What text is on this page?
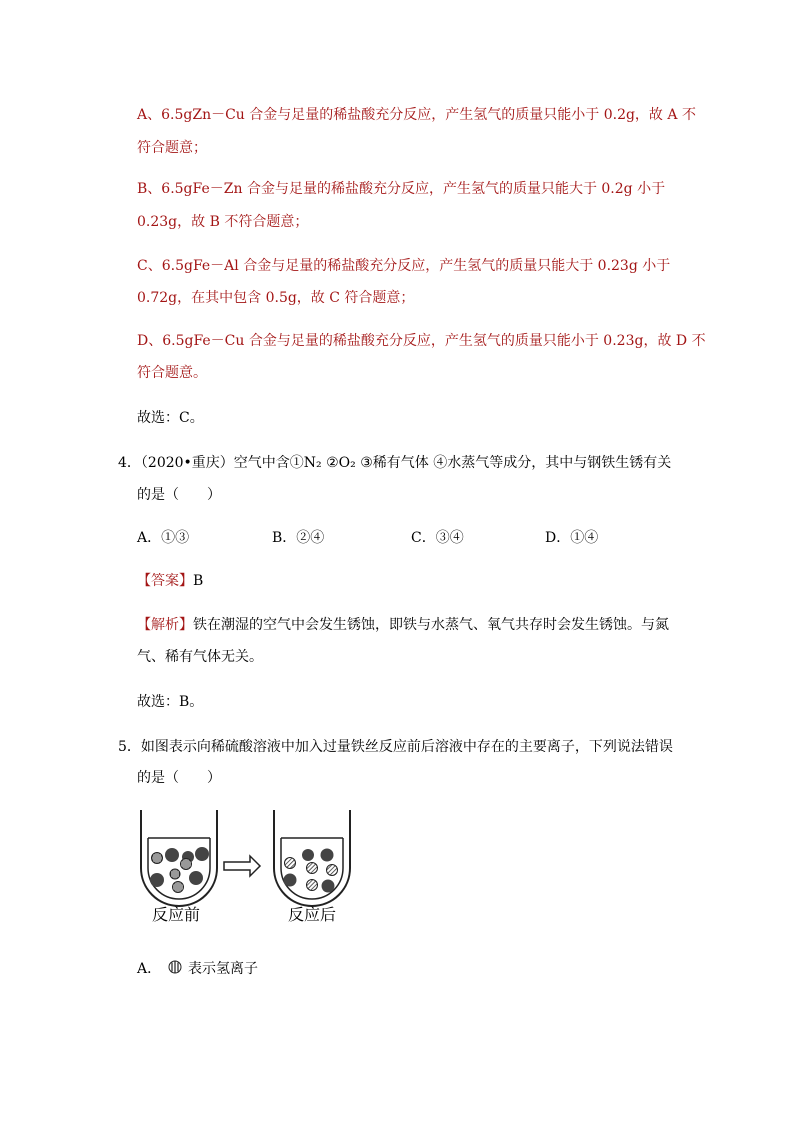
A、6.5gZn－Cu 合金与足量的稀盐酸充分反应，产生氢气的质量只能小于 0.2g，故 A 不
符合题意；
B、6.5gFe－Zn 合金与足量的稀盐酸充分反应，产生氢气的质量只能大于 0.2g 小于
0.23g，故 B 不符合题意；
C、6.5gFe－Al 合金与足量的稀盐酸充分反应，产生氢气的质量只能大于 0.23g 小于
0.72g，在其中包含 0.5g，故 C 符合题意；
D、6.5gFe－Cu 合金与足量的稀盐酸充分反应，产生氢气的质量只能小于 0.23g，故 D 不
符合题意。
故选：C。
4．（2020•重庆）空气中含①N₂ ②O₂ ③稀有气体 ④水蒸气等成分，其中与钢铁生锈有关
的是（　　）
A．①③	B．②④	C．③④	D．①④
【答案】B
【解析】铁在潮湿的空气中会发生锈蚀，即铁与水蒸气、氧气共存时会发生锈蚀。与氮
气、稀有气体无关。
故选：B。
5．如图表示向稀硫酸溶液中加入过量铁丝反应前后溶液中存在的主要离子，下列说法错误
的是（　　）
反应前	反应后
A． 表示氢离子
